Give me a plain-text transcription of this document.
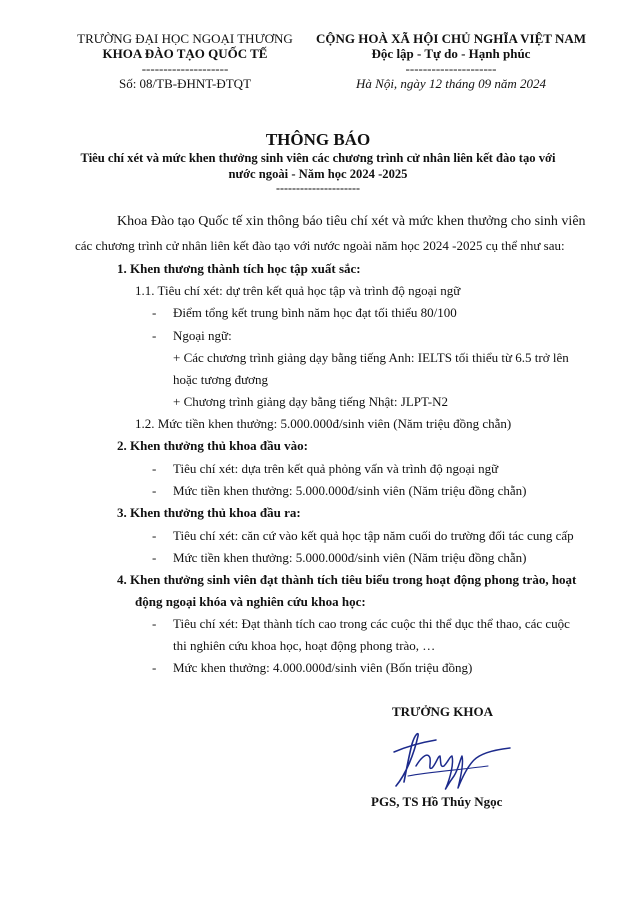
TRƯỜNG ĐẠI HỌC NGOẠI THƯƠNG
KHOA ĐÀO TẠO QUỐC TẾ
--------------------
Số: 08/TB-ĐHNT-ĐTQT
CỘNG HOÀ XÃ HỘI CHỦ NGHĨA VIỆT NAM
Độc lập - Tự do - Hạnh phúc
---------------------
Hà Nội, ngày 12 tháng 09 năm 2024
THÔNG BÁO
Tiêu chí xét và mức khen thưởng sinh viên các chương trình cử nhân liên kết đào tạo với
nước ngoài - Năm học 2024 -2025
---------------------
Khoa Đào tạo Quốc tế xin thông báo tiêu chí xét và mức khen thưởng cho sinh viên
các chương trình cử nhân liên kết đào tạo với nước ngoài năm học 2024 -2025 cụ thể như sau:
1. Khen thương thành tích học tập xuất sắc:
1.1. Tiêu chí xét: dự trên kết quả học tập và trình độ ngoại ngữ
- Điểm tổng kết trung bình năm học đạt tối thiểu 80/100
- Ngoại ngữ:
+ Các chương trình giảng dạy bằng tiếng Anh: IELTS tối thiểu từ 6.5 trở lên
hoặc tương đương
+ Chương trình giảng dạy bằng tiếng Nhật: JLPT-N2
1.2. Mức tiền khen thưởng: 5.000.000đ/sinh viên (Năm triệu đồng chẵn)
2. Khen thưởng thủ khoa đầu vào:
- Tiêu chí xét: dựa trên kết quả phỏng vấn và trình độ ngoại ngữ
- Mức tiền khen thưởng: 5.000.000đ/sinh viên (Năm triệu đồng chẵn)
3. Khen thưởng thủ khoa đầu ra:
- Tiêu chí xét: căn cứ vào kết quả học tập năm cuối do trường đối tác cung cấp
- Mức tiền khen thưởng: 5.000.000đ/sinh viên (Năm triệu đồng chẵn)
4. Khen thưởng sinh viên đạt thành tích tiêu biểu trong hoạt động phong trào, hoạt
động ngoại khóa và nghiên cứu khoa học:
- Tiêu chí xét: Đạt thành tích cao trong các cuộc thi thể dục thể thao, các cuộc
thi nghiên cứu khoa học, hoạt động phong trào, …
- Mức khen thưởng: 4.000.000đ/sinh viên (Bốn triệu đồng)
TRƯỞNG KHOA
PGS, TS Hồ Thúy Ngọc
